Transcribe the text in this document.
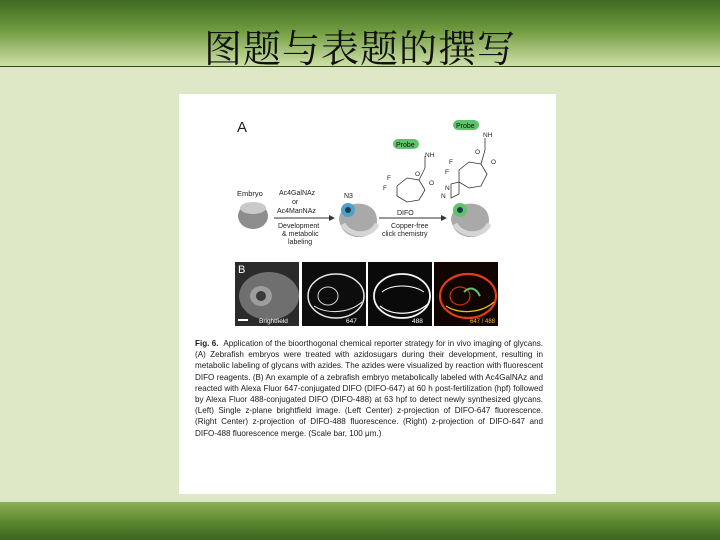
图题与表题的撰写
A
Embryo Ac4GalNAz
or
Ac4ManNAz
Development
& metabolic
labeling
N3
Probe
NH
O
F
F
O
DIFO
Copper-free
click chemistry
Probe
NH
O
O
F
F
N
N
B
Brightfield	647	488	647 / 488

Fig. 6. Application of the bioorthogonal chemical reporter strategy for in vivo imaging of glycans. (A) Zebrafish embryos were treated with azidosugars during their development, resulting in metabolic labeling of glycans with azides. The azides were visualized by reaction with fluorescent DIFO reagents. (B) An example of a zebrafish embryo metabolically labeled with Ac4GalNAz and reacted with Alexa Fluor 647-conjugated DIFO (DIFO-647) at 60 h post-fertilization (hpf) followed by Alexa Fluor 488-conjugated DIFO (DIFO-488) at 63 hpf to detect newly synthesized glycans. (Left) Single z-plane brightfield image. (Left Center) z-projection of DIFO-647 fluorescence. (Right Center) z-projection of DIFO-488 fluorescence. (Right) z-projection of DIFO-647 and DIFO-488 fluorescence merge. (Scale bar, 100 μm.)
